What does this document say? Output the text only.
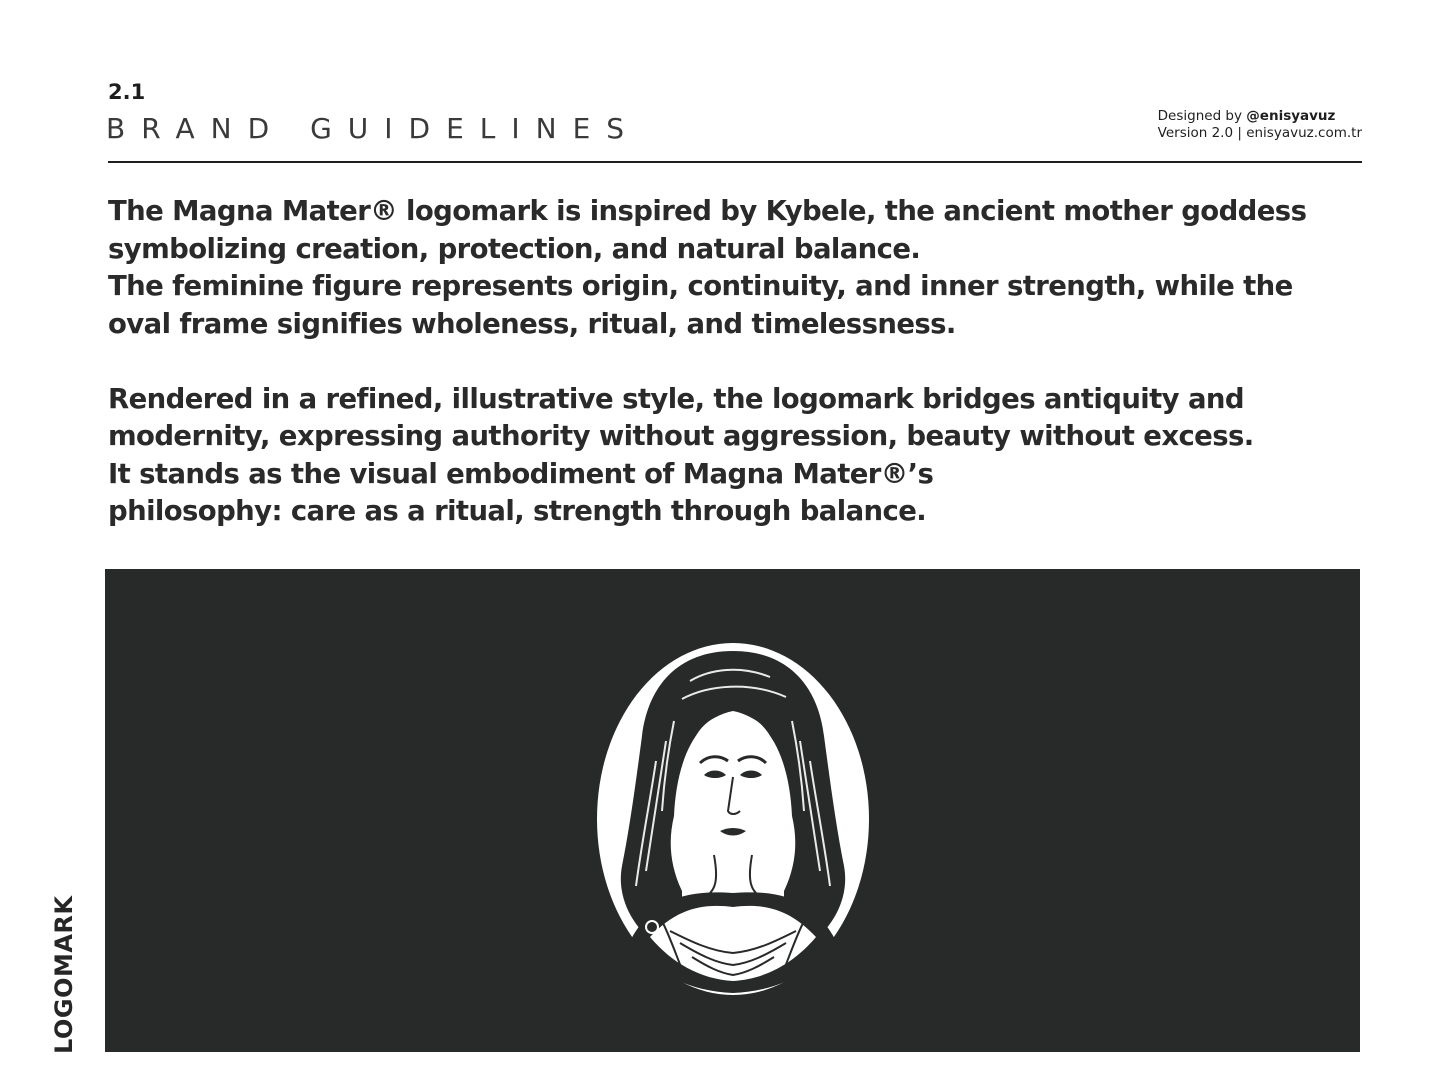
2.1
BRAND GUIDELINES	Designed by @enisyavuz
Version 2.0 | enisyavuz.com.tr
The Magna Mater® logomark is inspired by Kybele, the ancient mother goddess
symbolizing creation, protection, and natural balance.
The feminine figure represents origin, continuity, and inner strength, while the
oval frame signifies wholeness, ritual, and timelessness.
Rendered in a refined, illustrative style, the logomark bridges antiquity and
modernity, expressing authority without aggression, beauty without excess.
It stands as the visual embodiment of Magna Mater®’s
philosophy: care as a ritual, strength through balance.
LOGOMARK
